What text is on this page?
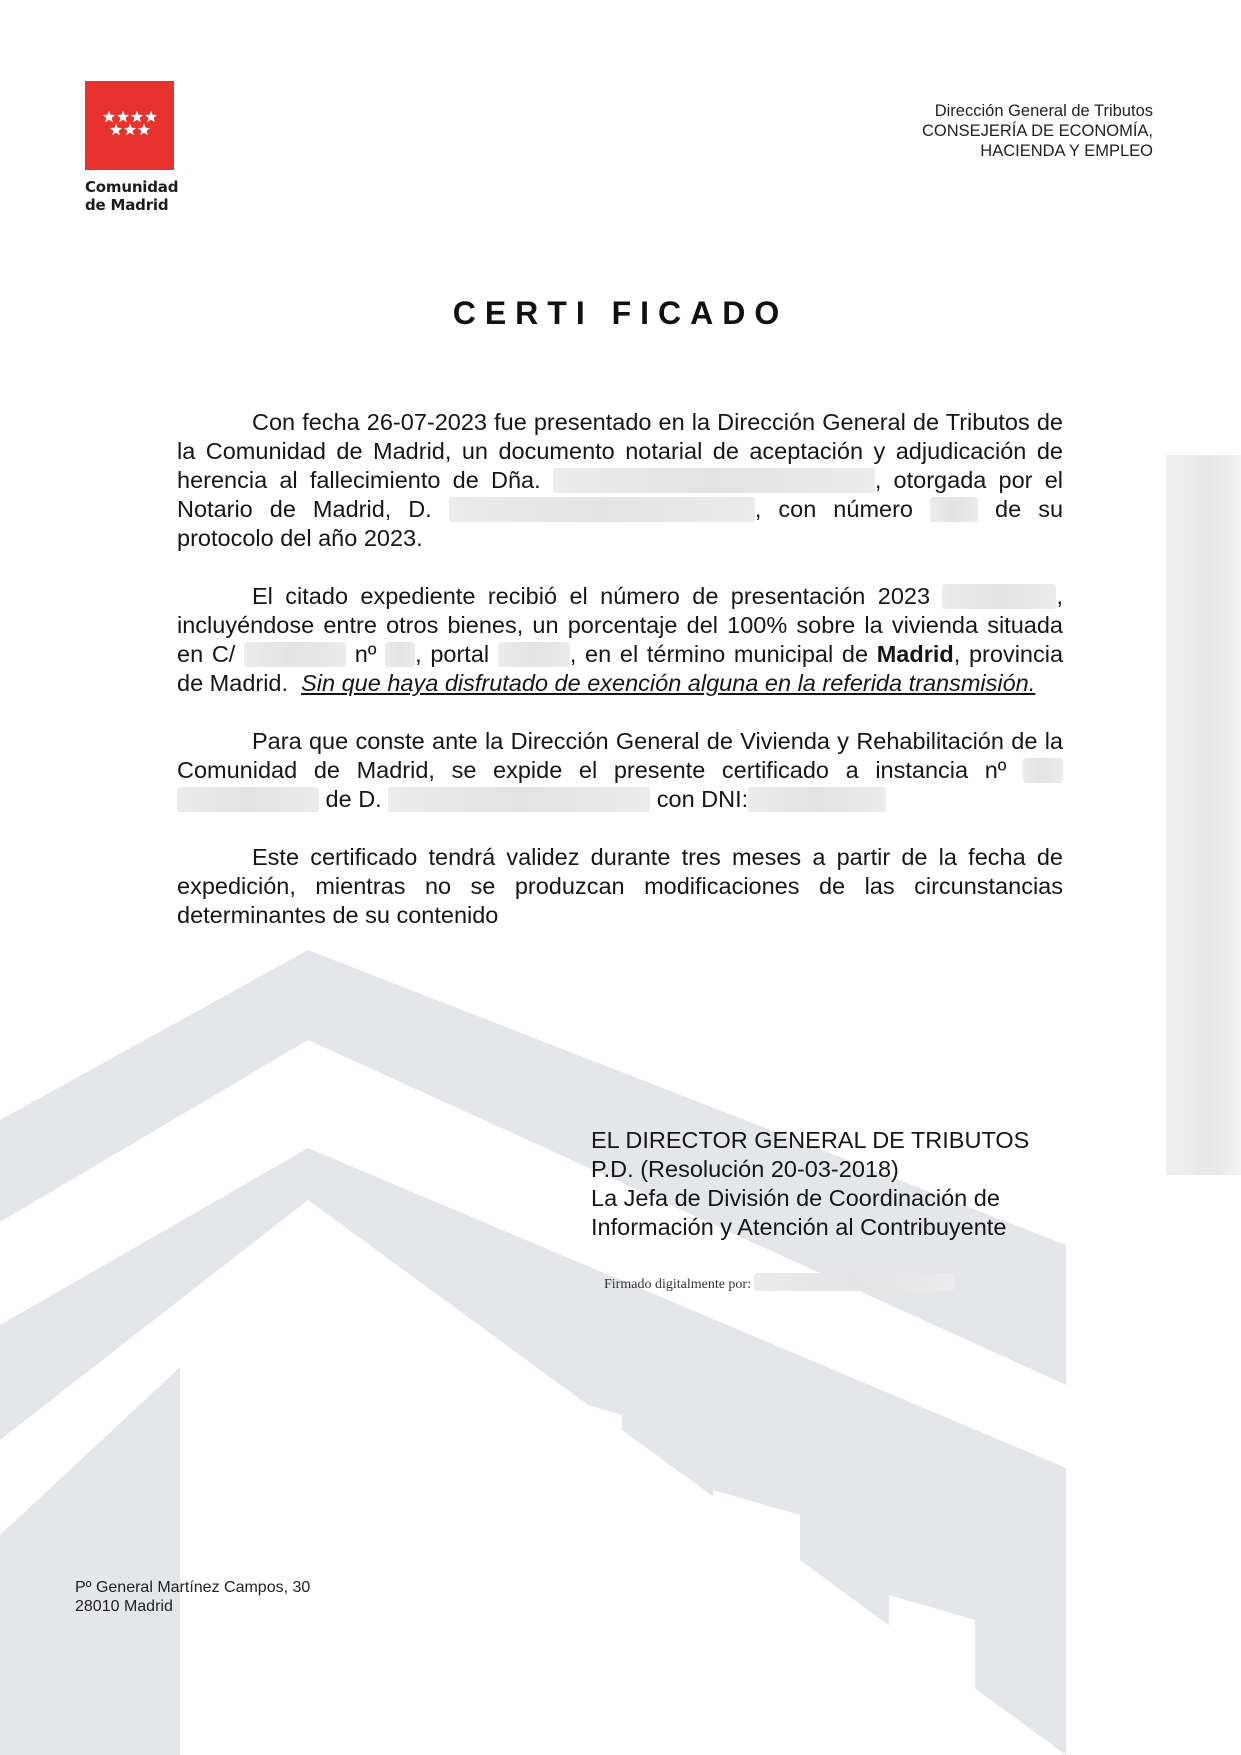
Comunidad
de Madrid
Dirección General de Tributos
CONSEJERÍA DE ECONOMÍA,
HACIENDA Y EMPLEO
CERTI FICADO

Con fecha 26-07-2023 fue presentado en la Dirección General de Tributos de la Comunidad de Madrid, un documento notarial de aceptación y adjudicación de herencia al fallecimiento de Dña.	, otorgada por el Notario de Madrid, D.	, con número	de su protocolo del año 2023.

El citado expediente recibió el número de presentación 2023	, incluyéndose entre otros bienes, un porcentaje del 100% sobre la vivienda situada en C/	nº , portal	, en el término municipal de Madrid, provincia de Madrid. Sin que haya disfrutado de exención alguna en la referida transmisión.

Para que conste ante la Dirección General de Vivienda y Rehabilitación de la Comunidad de Madrid, se expide el presente certificado a instancia nº   de D.	con DNI:

Este certificado tendrá validez durante tres meses a partir de la fecha de expedición, mientras no se produzcan modificaciones de las circunstancias determinantes de su contenido

EL DIRECTOR GENERAL DE TRIBUTOS
P.D. (Resolución 20-03-2018)
La Jefa de División de Coordinación de
Información y Atención al Contribuyente
Firmado digitalmente por:
Pº General Martínez Campos, 30
28010 Madrid
